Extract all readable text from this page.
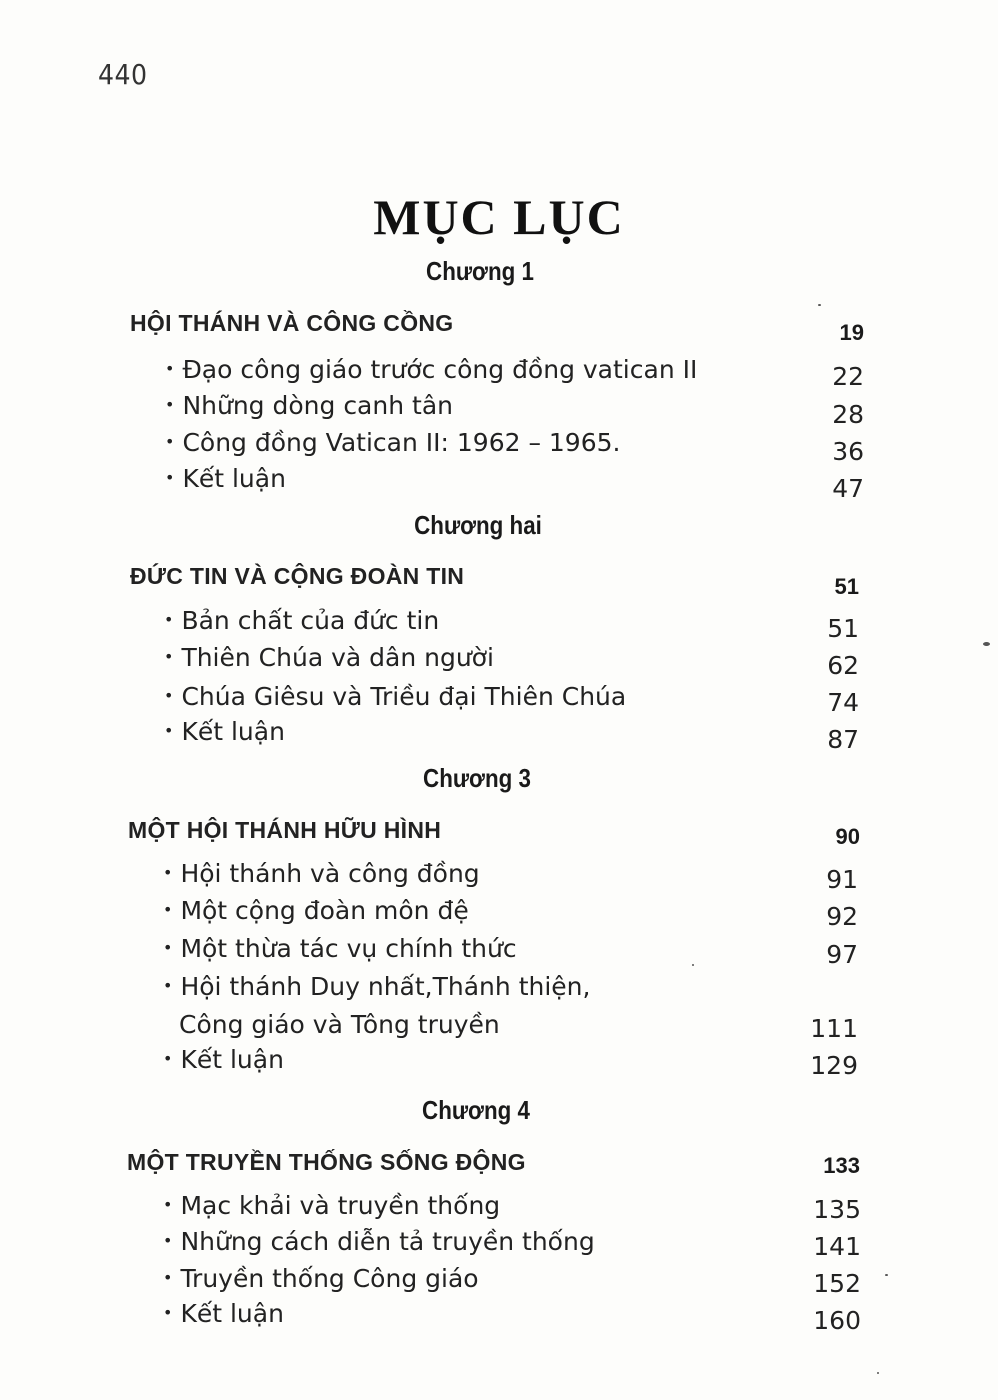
440
MỤC LỤC
Chương 1
HỘI THÁNH VÀ CÔNG CỒNG	19
• Đạo công giáo trước công đồng vatican II	22
• Những dòng canh tân	28
• Công đồng Vatican II: 1962 – 1965.	36
• Kết luận	47
Chương hai
ĐỨC TIN VÀ CỘNG ĐOÀN TIN	51
• Bản chất của đức tin	51
• Thiên Chúa và dân người	62
• Chúa Giêsu và Triều đại Thiên Chúa	74
• Kết luận	87
Chương 3
MỘT HỘI THÁNH HỮU HÌNH	90
• Hội thánh và công đồng	91
• Một cộng đoàn môn đệ	92
• Một thừa tác vụ chính thức	97
• Hội thánh Duy nhất,Thánh thiện,
Công giáo và Tông truyền	111
• Kết luận	129
Chương 4
MỘT TRUYỀN THỐNG SỐNG ĐỘNG	133
• Mạc khải và truyền thống	135
• Những cách diễn tả truyền thống	141
• Truyền thống Công giáo	152
• Kết luận	160
